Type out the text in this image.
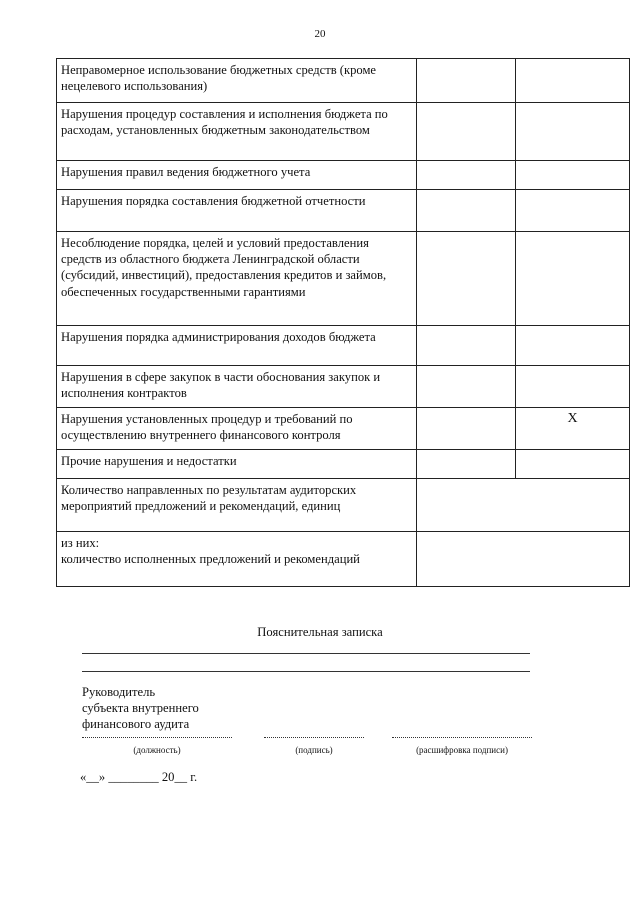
20
Неправомерное использование бюджетных средств (кроме нецелевого использования)		
Нарушения процедур составления и исполнения бюджета по расходам, установленных бюджетным законодательством		
Нарушения правил ведения бюджетного учета		
Нарушения порядка составления бюджетной отчетности		
Несоблюдение порядка, целей и условий предоставления средств из областного бюджета Ленинградской области (субсидий, инвестиций), предоставления кредитов и займов, обеспеченных государственными гарантиями		
Нарушения порядка администрирования доходов бюджета		
Нарушения в сфере закупок в части обоснования закупок и исполнения контрактов		
Нарушения установленных процедур и требований по осуществлению внутреннего финансового контроля		X
Прочие нарушения и недостатки		
Количество направленных по результатам аудиторских мероприятий предложений и рекомендаций, единиц		
из них:
количество исполненных предложений и рекомендаций		
Пояснительная записка
Руководитель
субъекта внутреннего
финансового аудита
(должность)	(подпись)	(расшифровка подписи)
«__» ________ 20__ г.
